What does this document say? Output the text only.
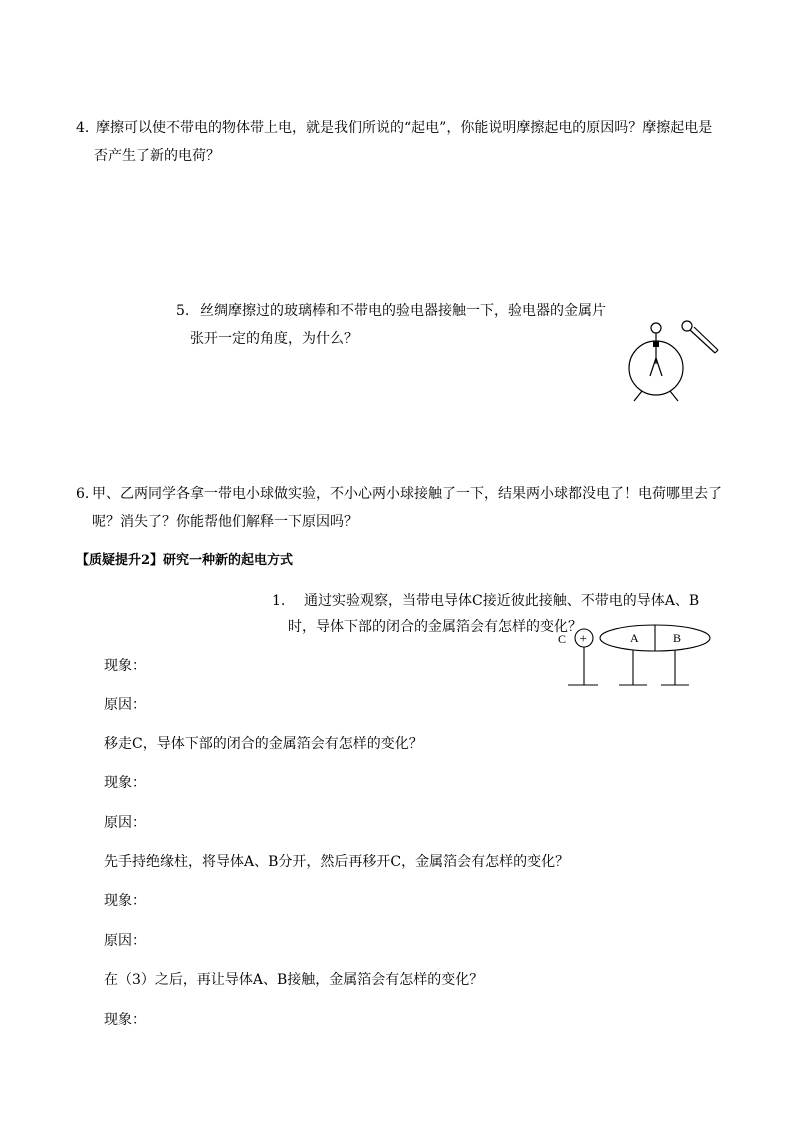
4．
摩擦可以使不带电的物体带上电，就是我们所说的“起电”，你能说明摩擦起电的原因吗？摩擦起电是
否产生了新的电荷？
5. 丝绸摩擦过的玻璃棒和不带电的验电器接触一下，验电器的金属片
张开一定的角度，为什么？
6. 甲、乙两同学各拿一带电小球做实验，不小心两小球接触了一下，结果两小球都没电了！电荷哪里去了
呢？消失了？你能帮他们解释一下原因吗？
【质疑提升2】研究一种新的起电方式
1. 通过实验观察，当带电导体C接近彼此接触、不带电的导体A、B
时，导体下部的闭合的金属箔会有怎样的变化？
C +	A	B
现象：
原因：
移走C，导体下部的闭合的金属箔会有怎样的变化？
现象：
原因：
先手持绝缘柱，将导体A、B分开，然后再移开C，金属箔会有怎样的变化？
现象：
原因：
在（3）之后，再让导体A、B接触，金属箔会有怎样的变化？
现象：
